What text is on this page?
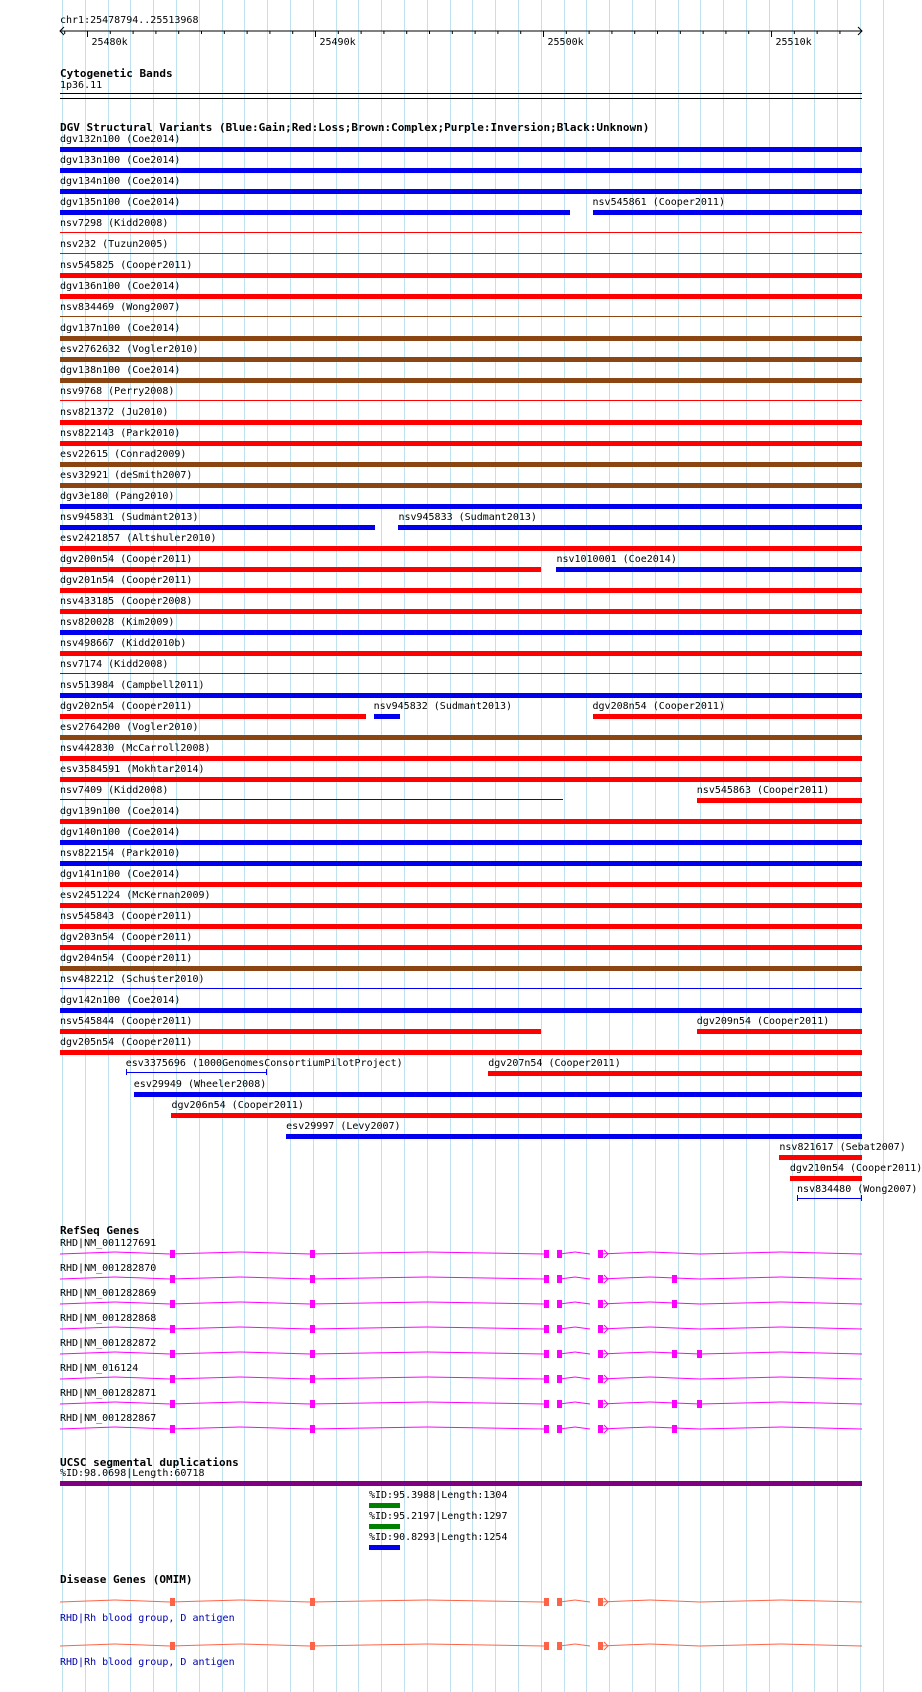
chr1:25478794..25513968
25480k	25490k	25500k	25510k
Cytogenetic Bands
1p36.11
DGV Structural Variants (Blue:Gain;Red:Loss;Brown:Complex;Purple:Inversion;Black:Unknown)
dgv132n100 (Coe2014)
dgv133n100 (Coe2014)
dgv134n100 (Coe2014)
dgv135n100 (Coe2014)	nsv545861 (Cooper2011)
nsv7298 (Kidd2008)
nsv232 (Tuzun2005)
nsv545825 (Cooper2011)
dgv136n100 (Coe2014)
nsv834469 (Wong2007)
dgv137n100 (Coe2014)
esv2762632 (Vogler2010)
dgv138n100 (Coe2014)
nsv9768 (Perry2008)
nsv821372 (Ju2010)
nsv822143 (Park2010)
esv22615 (Conrad2009)
esv32921 (deSmith2007)
dgv3e180 (Pang2010)
nsv945831 (Sudmant2013)	nsv945833 (Sudmant2013)
esv2421857 (Altshuler2010)
dgv200n54 (Cooper2011)	nsv1010001 (Coe2014)
dgv201n54 (Cooper2011)
nsv433185 (Cooper2008)
nsv820028 (Kim2009)
nsv498667 (Kidd2010b)
nsv7174 (Kidd2008)
nsv513984 (Campbell2011)
dgv202n54 (Cooper2011)	nsv945832 (Sudmant2013)	dgv208n54 (Cooper2011)
esv2764200 (Vogler2010)
nsv442830 (McCarroll2008)
esv3584591 (Mokhtar2014)
nsv7409 (Kidd2008)	nsv545863 (Cooper2011)
dgv139n100 (Coe2014)
dgv140n100 (Coe2014)
nsv822154 (Park2010)
dgv141n100 (Coe2014)
esv2451224 (McKernan2009)
nsv545843 (Cooper2011)
dgv203n54 (Cooper2011)
dgv204n54 (Cooper2011)
nsv482212 (Schuster2010)
dgv142n100 (Coe2014)
nsv545844 (Cooper2011)	dgv209n54 (Cooper2011)
dgv205n54 (Cooper2011)
esv3375696 (1000GenomesConsortiumPilotProject)	dgv207n54 (Cooper2011)
esv29949 (Wheeler2008)
dgv206n54 (Cooper2011)
esv29997 (Levy2007)
nsv821617 (Sebat2007)
dgv210n54 (Cooper2011)
nsv834480 (Wong2007)
RefSeq Genes
RHD|NM_001127691
RHD|NM_001282870
RHD|NM_001282869
RHD|NM_001282868
RHD|NM_001282872
RHD|NM_016124
RHD|NM_001282871
RHD|NM_001282867
UCSC segmental duplications
%ID:98.0698|Length:60718
%ID:95.3988|Length:1304
%ID:95.2197|Length:1297
%ID:90.8293|Length:1254
Disease Genes (OMIM)
RHD|Rh blood group, D antigen
RHD|Rh blood group, D antigen
